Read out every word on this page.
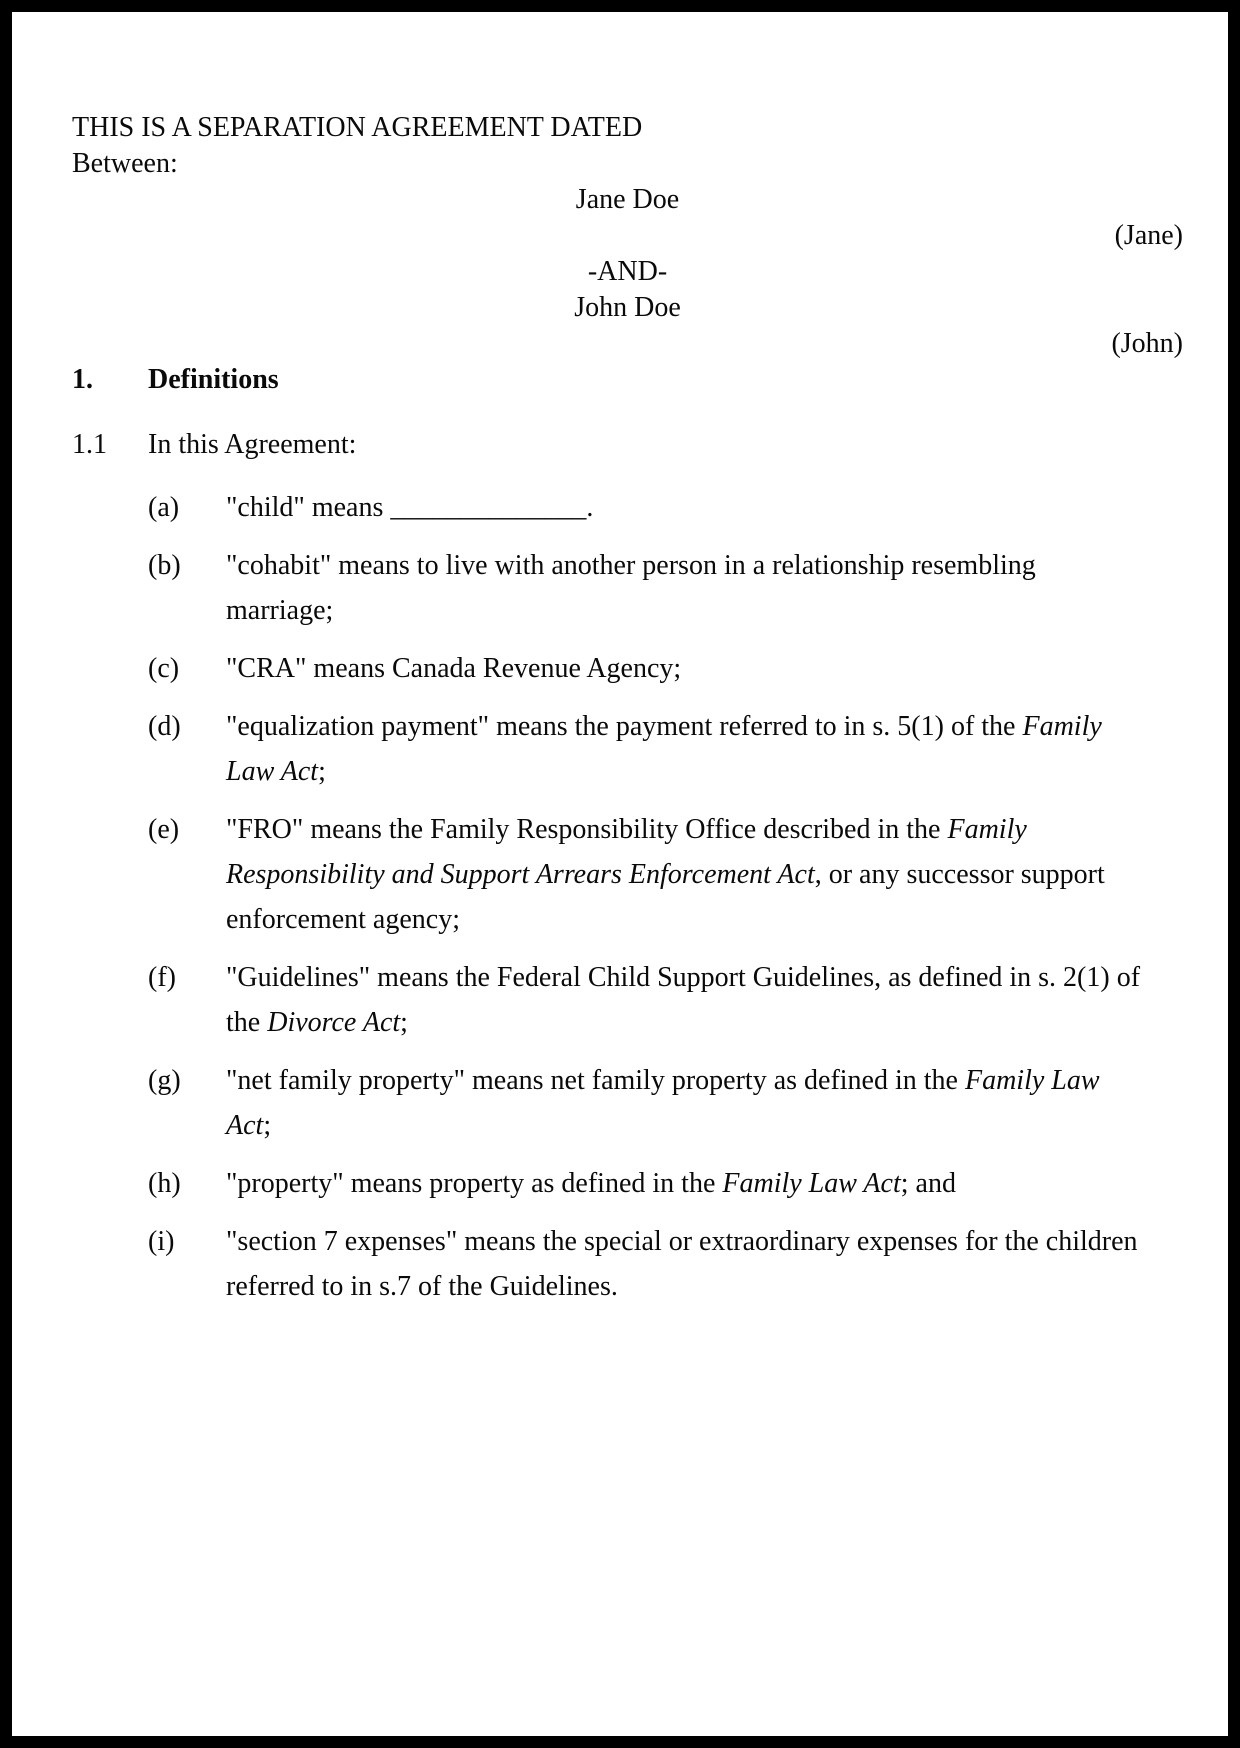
THIS IS A SEPARATION AGREEMENT DATED

Between:

Jane Doe

(Jane)

-AND-

John Doe

(John)

1. Definitions
1.1 In this Agreement:
(a)	"child" means ______________.
(b)	"cohabit" means to live with another person in a relationship resembling
marriage;
(c)	"CRA" means Canada Revenue Agency;
(d)	"equalization payment" means the payment referred to in s. 5(1) of the Family
Law Act;
(e)	"FRO" means the Family Responsibility Office described in the Family
Responsibility and Support Arrears Enforcement Act, or any successor support
enforcement agency;
(f)	"Guidelines" means the Federal Child Support Guidelines, as defined in s. 2(1) of
the Divorce Act;
(g)	"net family property" means net family property as defined in the Family Law
Act;
(h)	"property" means property as defined in the Family Law Act; and
(i)	"section 7 expenses" means the special or extraordinary expenses for the children
referred to in s.7 of the Guidelines.
